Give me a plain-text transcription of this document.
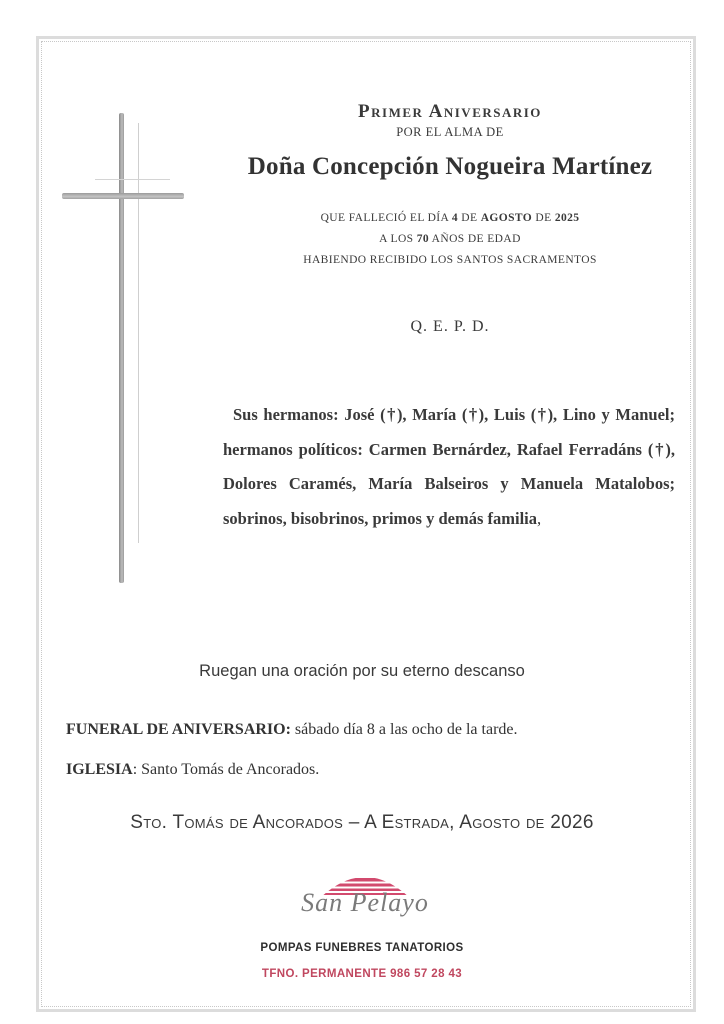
Primer Aniversario
POR EL ALMA DE
Doña Concepción Nogueira Martínez
QUE FALLECIÓ EL DÍA 4 DE AGOSTO DE 2025
A LOS 70 AÑOS DE EDAD
HABIENDO RECIBIDO LOS SANTOS SACRAMENTOS
Q. E. P. D.
Sus hermanos: José (†), María (†), Luis (†), Lino y Manuel; hermanos políticos: Carmen Bernárdez, Rafael Ferradáns (†), Dolores Caramés, María Balseiros y Manuela Matalobos; sobrinos, bisobrinos, primos y demás familia,
Ruegan una oración por su eterno descanso
FUNERAL DE ANIVERSARIO: sábado día 8 a las ocho de la tarde.
IGLESIA: Santo Tomás de Ancorados.
Sto. Tomás de Ancorados – A Estrada, Agosto de 2026
San Pelayo
POMPAS FUNEBRES TANATORIOS
TFNO. PERMANENTE 986 57 28 43
